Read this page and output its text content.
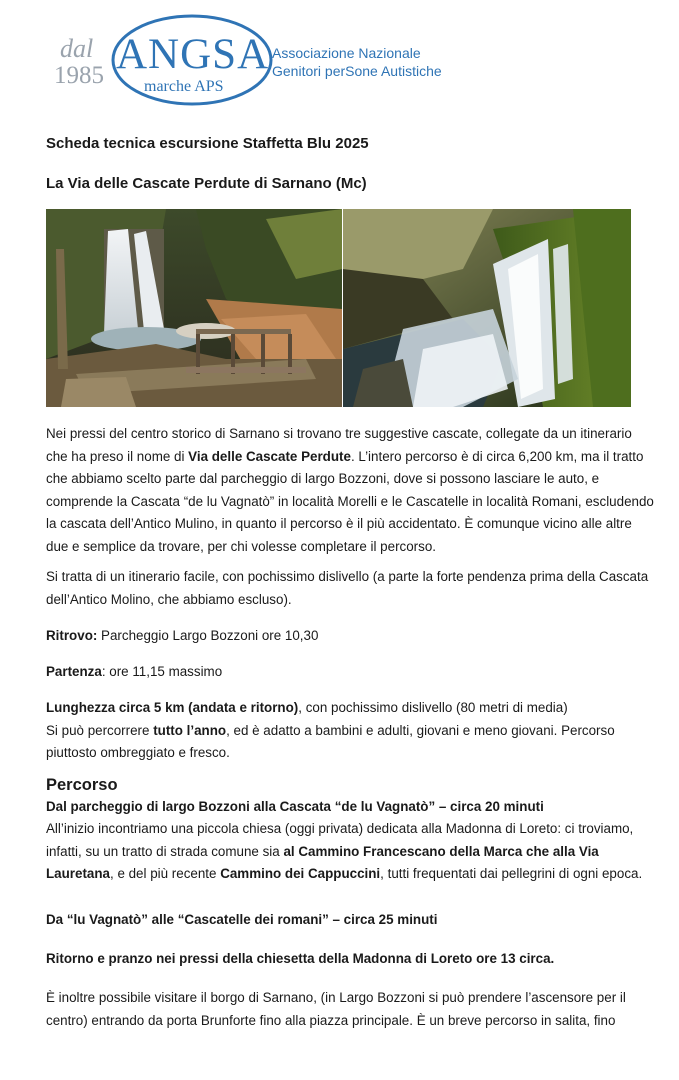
dal
1985 ANGSA
marche APS
Associazione Nazionale
Genitori perSone Autistiche
Scheda tecnica escursione Staffetta Blu 2025
La Via delle Cascate Perdute di Sarnano (Mc)
Nei pressi del centro storico di Sarnano si trovano tre suggestive cascate, collegate da un itinerario che ha preso il nome di Via delle Cascate Perdute. L’intero percorso è di circa 6,200 km, ma il tratto che abbiamo scelto parte dal parcheggio di largo Bozzoni, dove si possono lasciare le auto, e comprende la Cascata “de lu Vagnatò” in località Morelli e le Cascatelle in località Romani, escludendo la cascata dell’Antico Mulino, in quanto il percorso è il più accidentato. È comunque vicino alle altre due e semplice da trovare, per chi volesse completare il percorso.
Si tratta di un itinerario facile, con pochissimo dislivello (a parte la forte pendenza prima della Cascata dell’Antico Molino, che abbiamo escluso).
Ritrovo: Parcheggio Largo Bozzoni ore 10,30
Partenza: ore 11,15 massimo
Lunghezza circa 5 km (andata e ritorno), con pochissimo dislivello (80 metri di media)
Si può percorrere tutto l’anno, ed è adatto a bambini e adulti, giovani e meno giovani. Percorso piuttosto ombreggiato e fresco.
Percorso
Dal parcheggio di largo Bozzoni alla Cascata “de lu Vagnatò” – circa 20 minuti
All’inizio incontriamo una piccola chiesa (oggi privata) dedicata alla Madonna di Loreto: ci troviamo, infatti, su un tratto di strada comune sia al Cammino Francescano della Marca che alla Via Lauretana, e del più recente Cammino dei Cappuccini, tutti frequentati dai pellegrini di ogni epoca.
Da “lu Vagnatò” alle “Cascatelle dei romani” – circa 25 minuti
Ritorno e pranzo nei pressi della chiesetta della Madonna di Loreto ore 13 circa.
È inoltre possibile visitare il borgo di Sarnano, (in Largo Bozzoni si può prendere l’ascensore per il centro) entrando da porta Brunforte fino alla piazza principale. È un breve percorso in salita, fino
